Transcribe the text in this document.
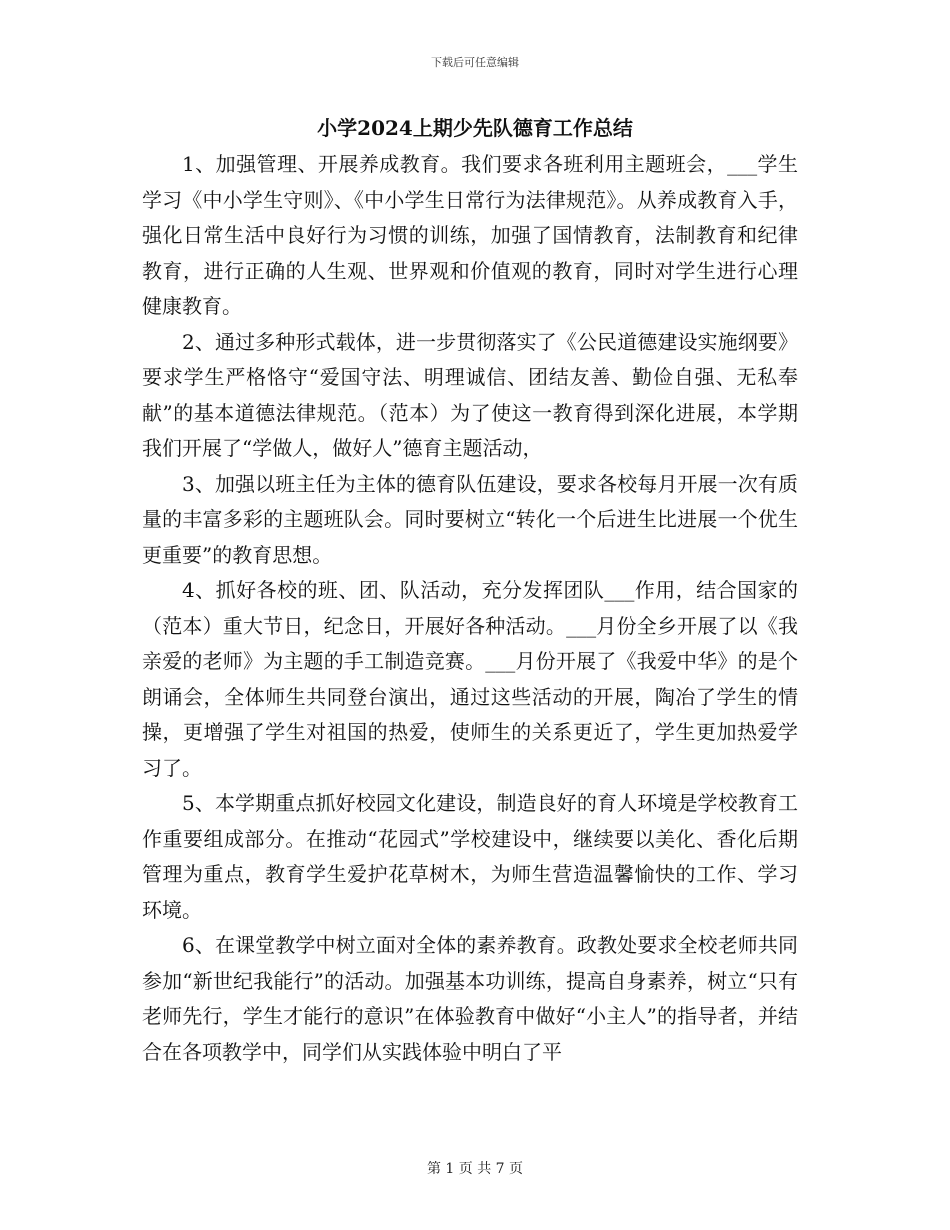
下载后可任意编辑
小学2024上期少先队德育工作总结

1、加强管理、开展养成教育。我们要求各班利用主题班会，___学生学习《中小学生守则》、《中小学生日常行为法律规范》。从养成教育入手，强化日常生活中良好行为习惯的训练，加强了国情教育，法制教育和纪律教育，进行正确的人生观、世界观和价值观的教育，同时对学生进行心理健康教育。

2、通过多种形式载体，进一步贯彻落实了《公民道德建设实施纲要》要求学生严格恪守“爱国守法、明理诚信、团结友善、勤俭自强、无私奉献”的基本道德法律规范。（范本）为了使这一教育得到深化进展，本学期我们开展了“学做人，做好人”德育主题活动，

3、加强以班主任为主体的德育队伍建设，要求各校每月开展一次有质量的丰富多彩的主题班队会。同时要树立“转化一个后进生比进展一个优生更重要”的教育思想。

4、抓好各校的班、团、队活动，充分发挥团队___作用，结合国家的（范本）重大节日，纪念日，开展好各种活动。___月份全乡开展了以《我亲爱的老师》为主题的手工制造竞赛。___月份开展了《我爱中华》的是个朗诵会，全体师生共同登台演出，通过这些活动的开展，陶冶了学生的情操，更增强了学生对祖国的热爱，使师生的关系更近了，学生更加热爱学习了。

5、本学期重点抓好校园文化建设，制造良好的育人环境是学校教育工作重要组成部分。在推动“花园式”学校建设中，继续要以美化、香化后期管理为重点，教育学生爱护花草树木，为师生营造温馨愉快的工作、学习环境。

6、在课堂教学中树立面对全体的素养教育。政教处要求全校老师共同参加“新世纪我能行”的活动。加强基本功训练，提高自身素养，树立“只有老师先行，学生才能行的意识”在体验教育中做好“小主人”的指导者，并结合在各项教学中，同学们从实践体验中明白了平

第 1 页 共 7 页
